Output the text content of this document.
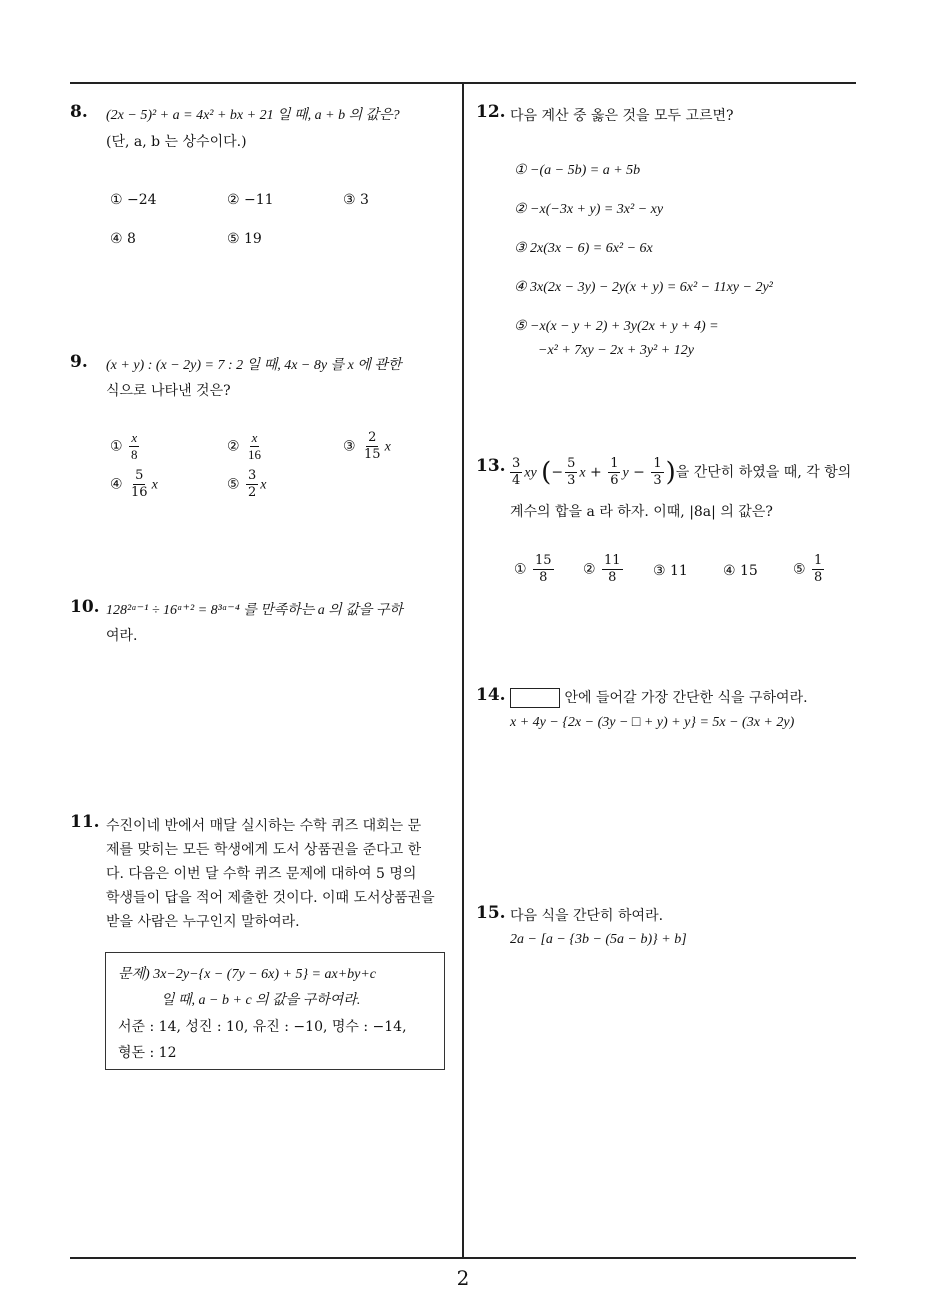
8. (2x − 5)² + a = 4x² + bx + 21 일 때, a + b 의 값은?
(단, a, b 는 상수이다.)
① −24	② −11	③ 3
④ 8	⑤ 19
9. (x + y) : (x − 2y) = 7 : 2 일 때, 4x − 8y 를 x 에 관한
식으로 나타낸 것은?
① $\frac{x}{8}$	② $\frac{x}{16}$	③ $\frac{2}{15}$ x
④ $\frac{5}{16}$ x	⑤ $\frac{3}{2}$ x
10. 128²ᵃ⁻¹ ÷ 16ᵃ⁺² = 8³ᵃ⁻⁴ 를 만족하는 a 의 값을 구하
여라.
11. 수진이네 반에서 매달 실시하는 수학 퀴즈 대회는 문
제를 맞히는 모든 학생에게 도서 상품권을 준다고 한
다. 다음은 이번 달 수학 퀴즈 문제에 대하여 5 명의
학생들이 답을 적어 제출한 것이다. 이때 도서상품권을
받을 사람은 누구인지 말하여라.
문제) 3x−2y−{x − (7y − 6x) + 5} = ax+by+c
일 때, a − b + c 의 값을 구하여라.
서준 : 14, 성진 : 10, 유진 : −10, 명수 : −14,
형돈 : 12
12. 다음 계산 중 옳은 것을 모두 고르면?
① −(a − 5b) = a + 5b
② −x(−3x + y) = 3x² − xy
③ 2x(3x − 6) = 6x² − 6x
④ 3x(2x − 3y) − 2y(x + y) = 6x² − 11xy − 2y²
⑤ −x(x − y + 2) + 3y(2x + y + 4) =
−x² + 7xy − 2x + 3y² + 12y
13. $\frac{3}{4}$ xy (− $\frac{5}{3}$ $x + \frac{1}{6}$ $y - \frac{1}{3}$ )을 간단히 하였을 때, 각 항의
계수의 합을 a 라 하자. 이때, |8a| 의 값은?
① $\frac{15}{8}$ ② $\frac{11}{8}$ ③ 11	④ 15	⑤ $\frac{1}{8}$
14.	안에 들어갈 가장 간단한 식을 구하여라.
x + 4y − {2x − (3y − □ + y) + y} = 5x − (3x + 2y)
15. 다음 식을 간단히 하여라.
2a − [a − {3b − (5a − b)} + b]
2
